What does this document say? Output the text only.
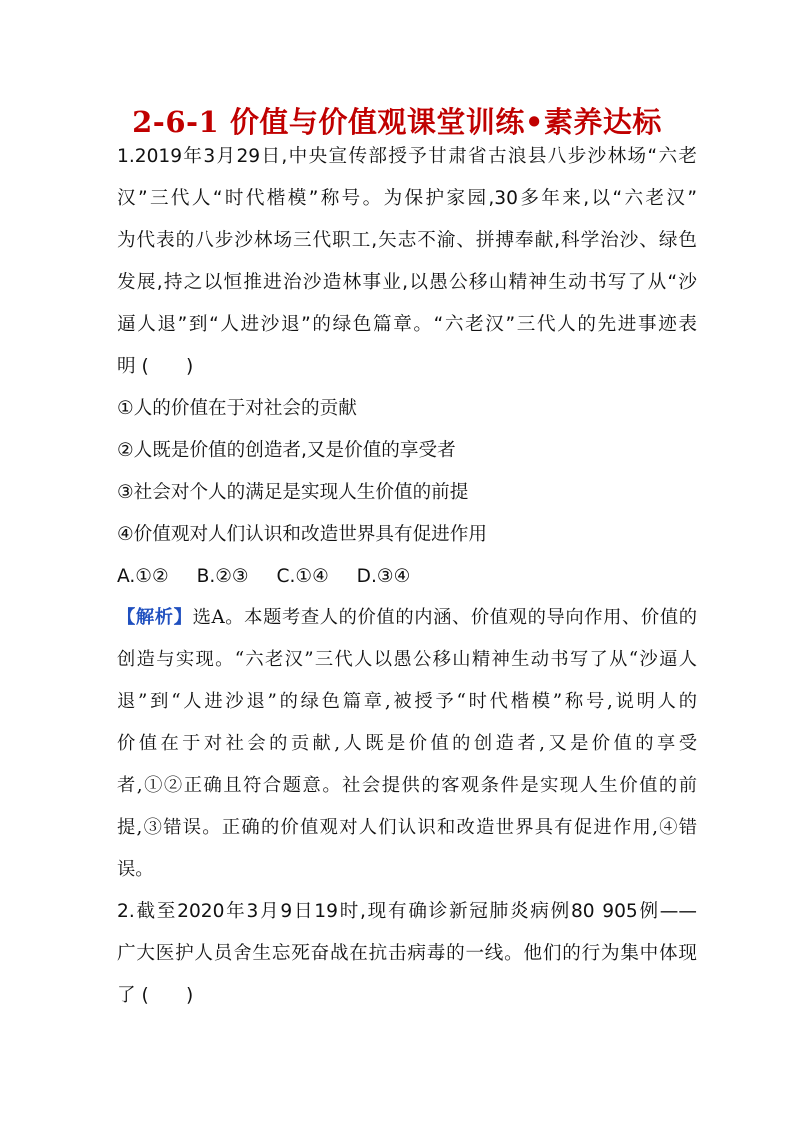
2-6-1 价值与价值观课堂训练•素养达标
1.2019年3月29日,中央宣传部授予甘肃省古浪县八步沙林场“六老
汉”三代人“时代楷模”称号。为保护家园,30多年来,以“六老汉”
为代表的八步沙林场三代职工,矢志不渝、拼搏奉献,科学治沙、绿色
发展,持之以恒推进治沙造林事业,以愚公移山精神生动书写了从“沙
逼人退”到“人进沙退”的绿色篇章。“六老汉”三代人的先进事迹表
明 (　　)
①人的价值在于对社会的贡献
②人既是价值的创造者,又是价值的享受者
③社会对个人的满足是实现人生价值的前提
④价值观对人们认识和改造世界具有促进作用
A.①② B.②③ C.①④ D.③④
【解析】选A。本题考查人的价值的内涵、价值观的导向作用、价值的
创造与实现。“六老汉”三代人以愚公移山精神生动书写了从“沙逼人
退”到“人进沙退”的绿色篇章,被授予“时代楷模”称号,说明人的
价值在于对社会的贡献,人既是价值的创造者,又是价值的享受
者,①②正确且符合题意。社会提供的客观条件是实现人生价值的前
提,③错误。正确的价值观对人们认识和改造世界具有促进作用,④错
误。
2.截至2020年3月9日19时,现有确诊新冠肺炎病例80 905例——
广大医护人员舍生忘死奋战在抗击病毒的一线。他们的行为集中体现
了 (　　)
